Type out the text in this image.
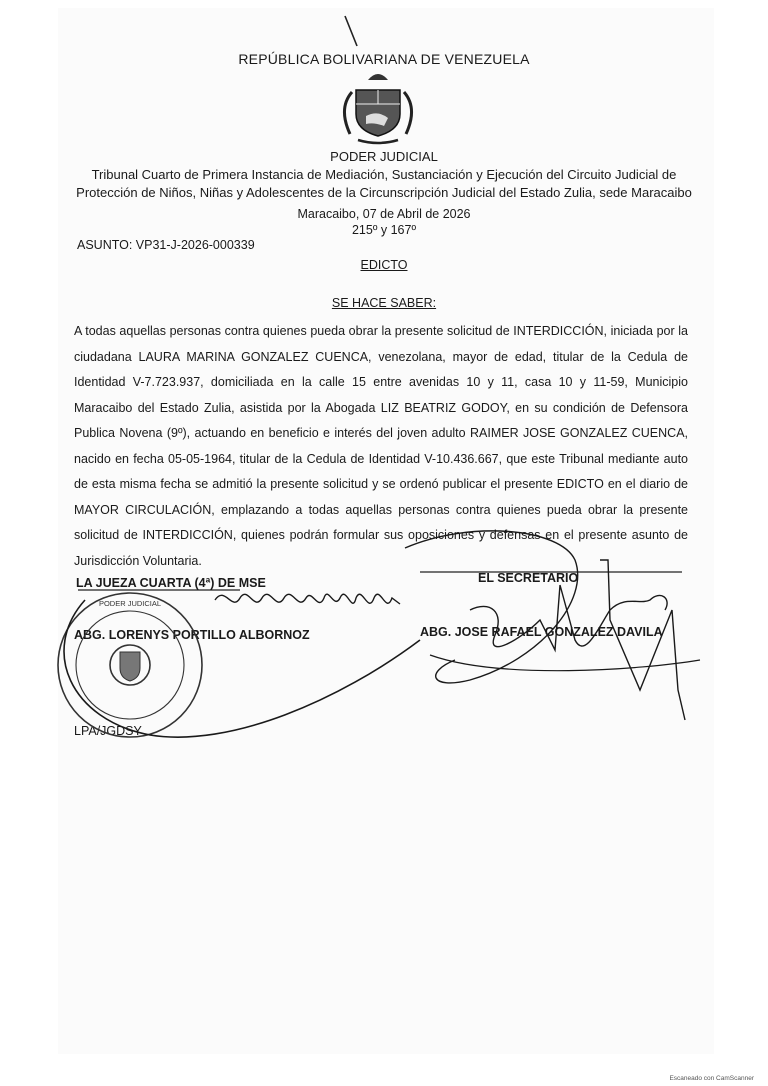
REPÚBLICA BOLIVARIANA DE VENEZUELA
PODER JUDICIAL
Tribunal Cuarto de Primera Instancia de Mediación, Sustanciación y Ejecución del Circuito Judicial de
Protección de Niños, Niñas y Adolescentes de la Circunscripción Judicial del Estado Zulia, sede Maracaibo
Maracaibo, 07 de Abril de 2026
215º y 167º
ASUNTO: VP31-J-2026-000339
EDICTO
SE HACE SABER:
A todas aquellas personas contra quienes pueda obrar la presente solicitud de INTERDICCIÓN, iniciada por la ciudadana LAURA MARINA GONZALEZ CUENCA, venezolana, mayor de edad, titular de la Cedula de Identidad V-7.723.937, domiciliada en la calle 15 entre avenidas 10 y 11, casa 10 y 11-59, Municipio Maracaibo del Estado Zulia, asistida por la Abogada LIZ BEATRIZ GODOY, en su condición de Defensora Publica Novena (9º), actuando en beneficio e interés del joven adulto RAIMER JOSE GONZALEZ CUENCA, nacido en fecha 05-05-1964, titular de la Cedula de Identidad V-10.436.667, que este Tribunal mediante auto de esta misma fecha se admitió la presente solicitud y se ordenó publicar el presente EDICTO en el diario de MAYOR CIRCULACIÓN, emplazando a todas aquellas personas contra quienes pueda obrar la presente solicitud de INTERDICCIÓN, quienes podrán formular sus oposiciones y defensas en el presente asunto de Jurisdicción Voluntaria.
LA JUEZA CUARTA (4ª) DE MSE
ABG. LORENYS PORTILLO ALBORNOZ
EL SECRETARIO
ABG. JOSE RAFAEL GONZALEZ DAVILA
LPA/JGDSY
PODER JUDICIAL
Escaneado con CamScanner
